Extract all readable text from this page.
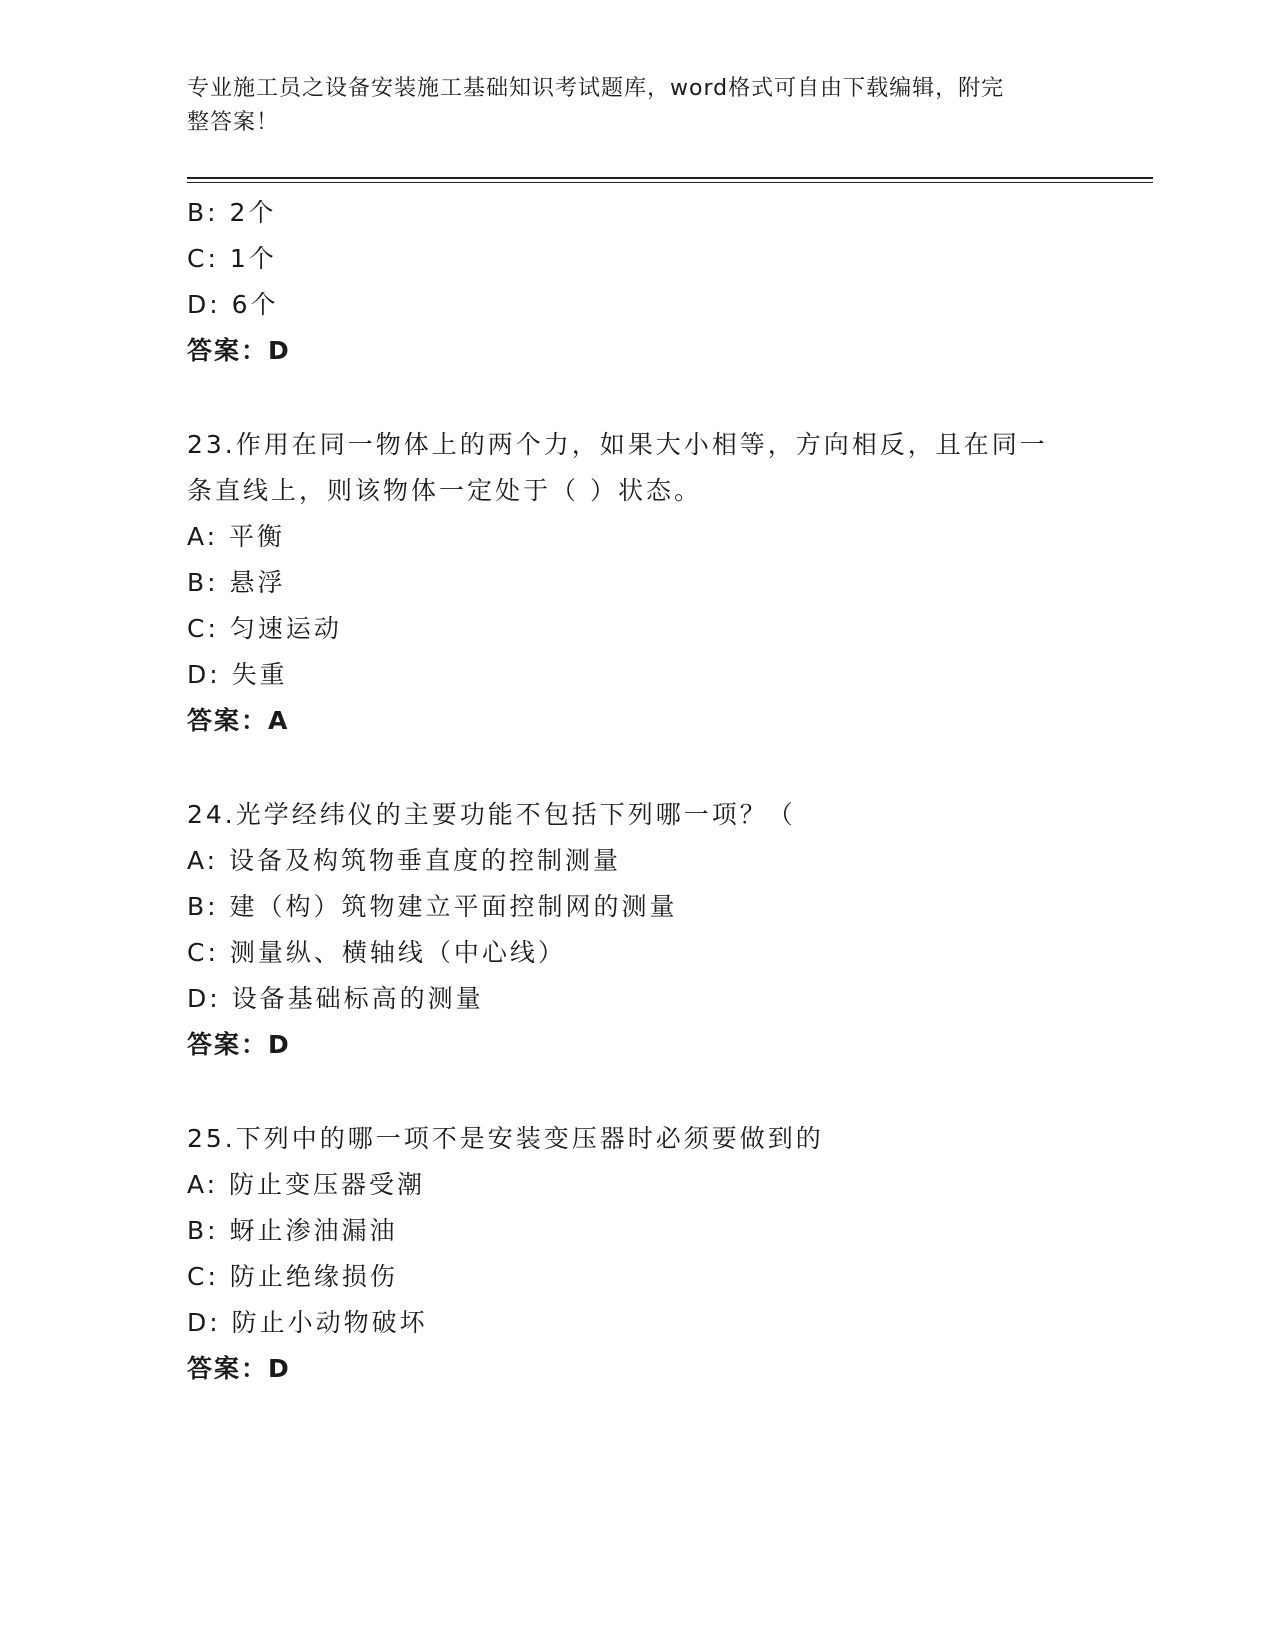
专业施工员之设备安装施工基础知识考试题库，word格式可自由下载编辑，附完
整答案！
B: 2个
C: 1个
D: 6个
答案：D
23.作用在同一物体上的两个力，如果大小相等，方向相反，且在同一
条直线上，则该物体一定处于（ ）状态。
A: 平衡
B: 悬浮
C: 匀速运动
D: 失重
答案：A
24.光学经纬仪的主要功能不包括下列哪一项？（
A: 设备及构筑物垂直度的控制测量
B: 建（构）筑物建立平面控制网的测量
C: 测量纵、横轴线（中心线）
D: 设备基础标高的测量
答案：D
25.下列中的哪一项不是安装变压器时必须要做到的
A: 防止变压器受潮
B: 蚜止渗油漏油
C: 防止绝缘损伤
D: 防止小动物破坏
答案：D
